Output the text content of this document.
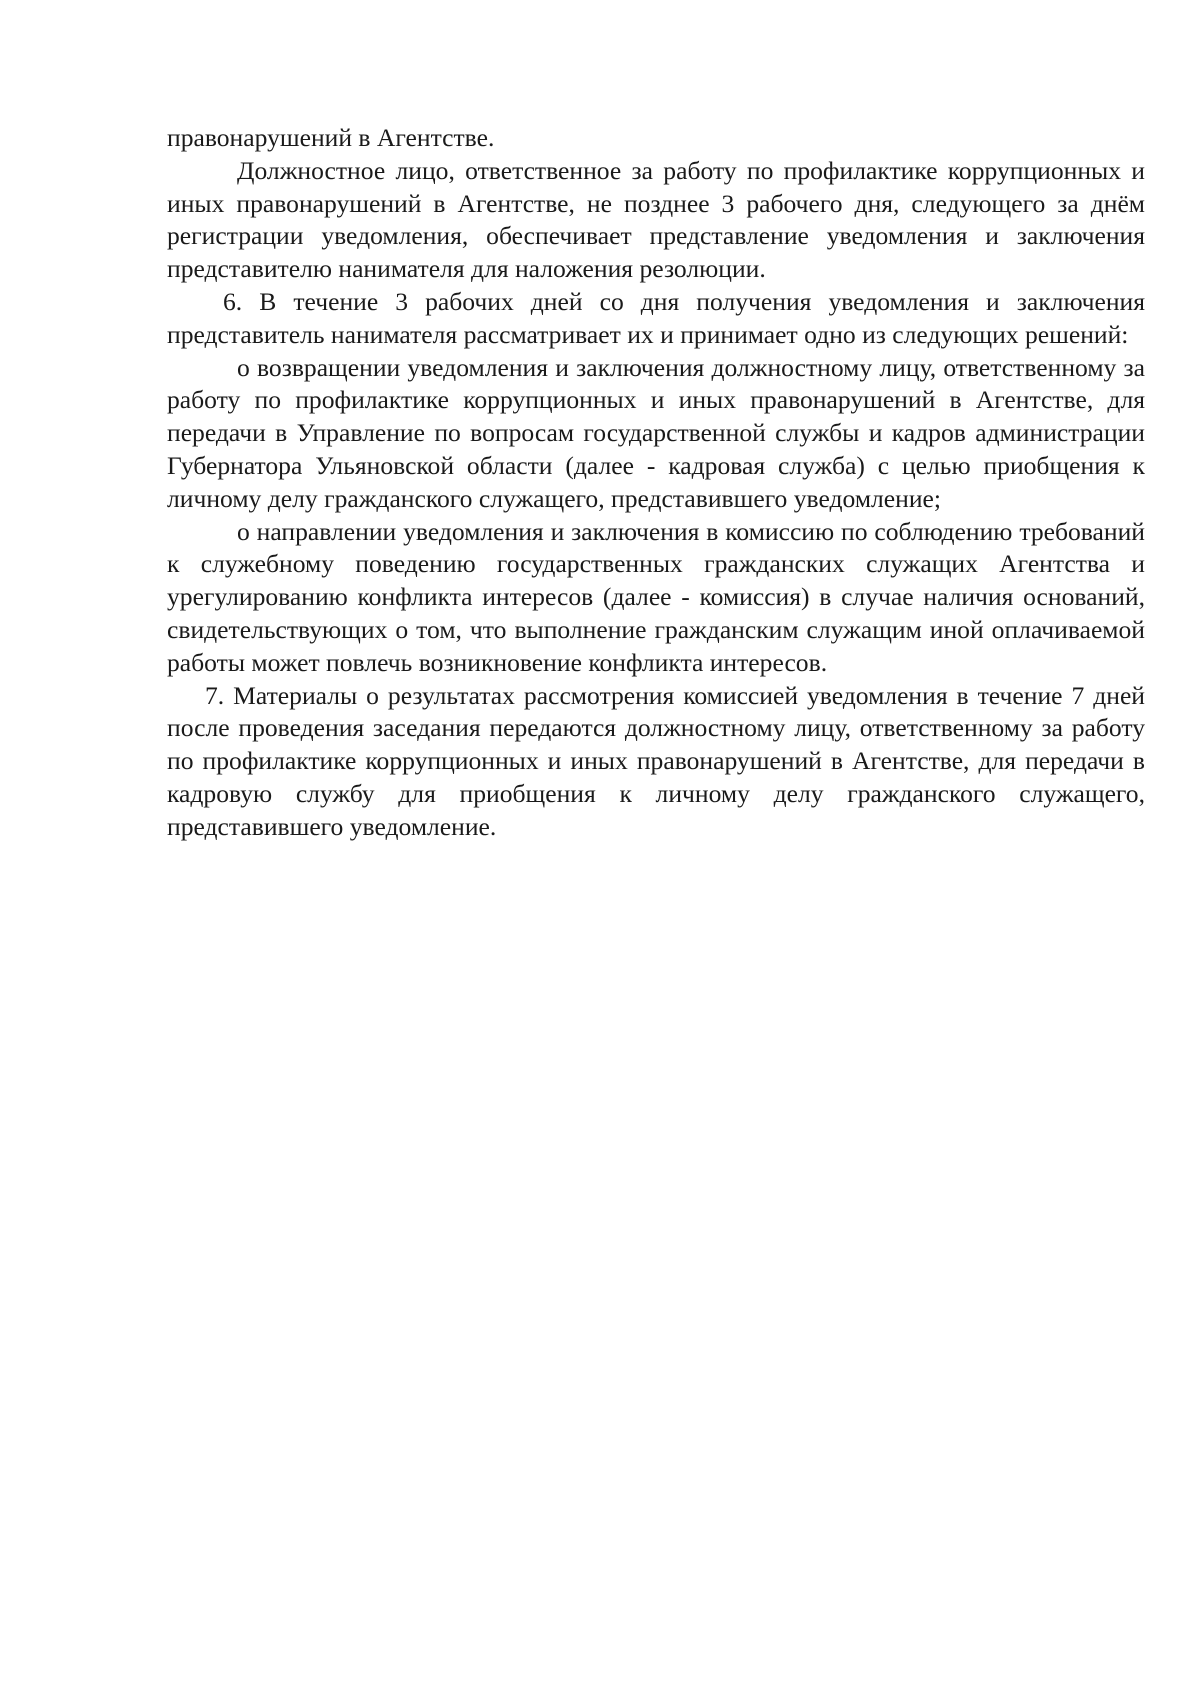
правонарушений в Агентстве.

Должностное лицо, ответственное за работу по профилактике коррупционных и иных правонарушений в Агентстве, не позднее 3 рабочего дня, следующего за днём регистрации уведомления, обеспечивает представление уведомления и заключения представителю нанимателя для наложения резолюции.

6. В течение 3 рабочих дней со дня получения уведомления и заключения представитель нанимателя рассматривает их и принимает одно из следующих решений:

о возвращении уведомления и заключения должностному лицу, ответственному за работу по профилактике коррупционных и иных правонарушений в Агентстве, для передачи в Управление по вопросам государственной службы и кадров администрации Губернатора Ульяновской области (далее - кадровая служба) с целью приобщения к личному делу гражданского служащего, представившего уведомление;

о направлении уведомления и заключения в комиссию по соблюдению требований к служебному поведению государственных гражданских служащих Агентства и урегулированию конфликта интересов (далее - комиссия) в случае наличия оснований, свидетельствующих о том, что выполнение гражданским служащим иной оплачиваемой работы может повлечь возникновение конфликта интересов.

7. Материалы о результатах рассмотрения комиссией уведомления в течение 7 дней после проведения заседания передаются должностному лицу, ответственному за работу по профилактике коррупционных и иных правонарушений в Агентстве, для передачи в кадровую службу для приобщения к личному делу гражданского служащего, представившего уведомление.
